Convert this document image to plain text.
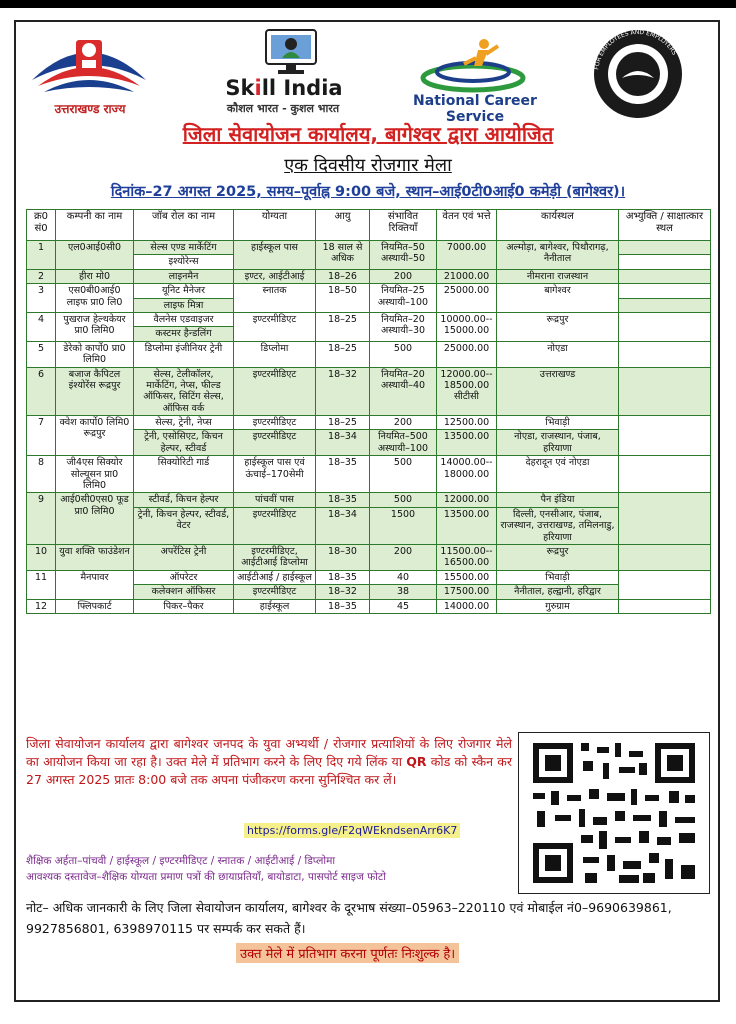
उत्तराखण्ड राज्य
Skill India
कौशल भारत - कुशल भारत	National Career Service
FOR EMPLOYEES AND EMPLOYERS
जिला सेवायोजन कार्यालय, बागेश्वर द्वारा आयोजित
एक दिवसीय रोजगार मेला
दिनांक–27 अगस्त 2025, समय–पूर्वाह्न 9:00 बजे, स्थान–आई0टी0आई0 कमेड़ी (बागेश्वर)।
क्र0 सं0	कम्पनी का नाम	जॉब रोल का नाम	योग्यता	आयु	संभावित रिक्तियाँ	वेतन एवं भत्ते	कार्यस्थल	अभ्युक्ति / साक्षात्कार स्थल
1	एल0आई0सी0	सेल्स एण्ड मार्केटिंग	हाईस्कूल पास	18 साल से अधिक	नियमित–50 अस्थायी–50	7000.00	अल्मोड़ा, बागेश्वर, पिथौरागढ़, नैनीताल	
		इश्योरेन्स						
2	हीरा मो0	लाइनमैन	इण्टर, आईटीआई	18–26	200	21000.00	नीमराना राजस्थान	
3	एस0बी0आई0 लाइफ प्रा0 लि0	यूनिट मैनेजर	स्नातक	18–50	नियमित–25 अस्थायी–100	25000.00	बागेश्वर	
		लाइफ मित्रा						
4	पुखराज हेल्थकेयर प्रा0 लिमि0	वैलनेस एडवाइजर	इण्टरमीडिएट	18–25	नियमित–20 अस्थायी–30	10000.00-- 15000.00	रूद्रपुर	
		कस्टमर हैन्डलिंग						
5	डेरेको कार्पो0 प्रा0 लिमि0	डिप्लोमा इंजीनियर ट्रेनी	डिप्लोमा	18–25	500	25000.00	नोएडा	
6	बजाज कैपिटल इंश्योरेंस रूद्रपुर	सेल्स, टेलीकॉलर, मार्केटिंग, नेप्स, फील्ड ऑफिसर, सिटिंग सेल्स, ऑफिस वर्क	इण्टरमीडिएट	18–32	नियमित–20 अस्थायी–40	12000.00-- 18500.00 सीटीसी	उत्तराखण्ड	
7	क्वेश कार्पो0 लिमि0 रूद्रपुर	सेल्स, ट्रेनी, नेप्स	इण्टरमीडिएट	18–25	200	12500.00	भिवाड़ी	
		ट्रेनी, एसोसिएट, किचन हेल्पर, स्टीवर्ड	इण्टरमीडिएट	18–34	नियमित–500 अस्थायी–100	13500.00	नोएडा, राजस्थान, पंजाब, हरियाणा	
8	जी4एस सिक्योर सोल्यूसन प्रा0 लिमि0	सिक्योरिटी गार्ड	हाईस्कूल पास एवं ऊंचाई–170सेमी	18–35	500	14000.00-- 18000.00	देहरादून एवं नोएडा	
9	आई0सी0एस0 फूड प्रा0 लिमि0	स्टीवर्ड, किचन हेल्पर	पांचवीं पास	18–35	500	12000.00	पैन इंडिया	
		ट्रेनी, किचन हेल्पर, स्टीवर्ड, वेटर	इण्टरमीडिएट	18–34	1500	13500.00	दिल्ली, एनसीआर, पंजाब, राजस्थान, उत्तराखण्ड, तमिलनाडु, हरियाणा	
10	युवा शक्ति फाउंडेशन	अपरेंटिस ट्रेनी	इण्टरमीडिएट, आईटीआई डिप्लोमा	18–30	200	11500.00-- 16500.00	रूद्रपुर	
11	मैनपावर	ऑपरेटर	आईटीआई / हाईस्कूल	18–35	40	15500.00	भिवाड़ी	
		कलेक्शन ऑफिसर	इण्टरमीडिएट	18–32	38	17500.00	नैनीताल, हल्द्वानी, हरिद्वार	
12	फ्लिपकार्ट	पिकर–पैकर	हाईस्कूल	18–35	45	14000.00	गुरुग्राम	
जिला सेवायोजन कार्यालय द्वारा बागेश्वर जनपद के युवा अभ्यर्थी / रोजगार प्रत्याशियों के लिए रोजगार मेले का आयोजन किया जा रहा है। उक्त मेले में प्रतिभाग करने के लिए दिए गये लिंक या QR कोड को स्कैन कर 27 अगस्त 2025 प्रातः 8:00 बजे तक अपना पंजीकरण करना सुनिश्चित कर लें।
https://forms.gle/F2qWEkndsenArr6K7
शैक्षिक अर्हता–पांचवी / हाईस्कूल / इण्टरमीडिएट / स्नातक / आईटीआई / डिप्लोमा
आवश्यक दस्तावेज–शैक्षिक योग्यता प्रमाण पत्रों की छायाप्रतियाँ, बायोडाटा, पासपोर्ट साइज फोटो
नोट– अधिक जानकारी के लिए जिला सेवायोजन कार्यालय, बागेश्वर के दूरभाष संख्या–05963–220110 एवं मोबाईल नं0–9690639861, 9927856801, 6398970115 पर सम्पर्क कर सकते हैं।
उक्त मेले में प्रतिभाग करना पूर्णतः निःशुल्क है।
